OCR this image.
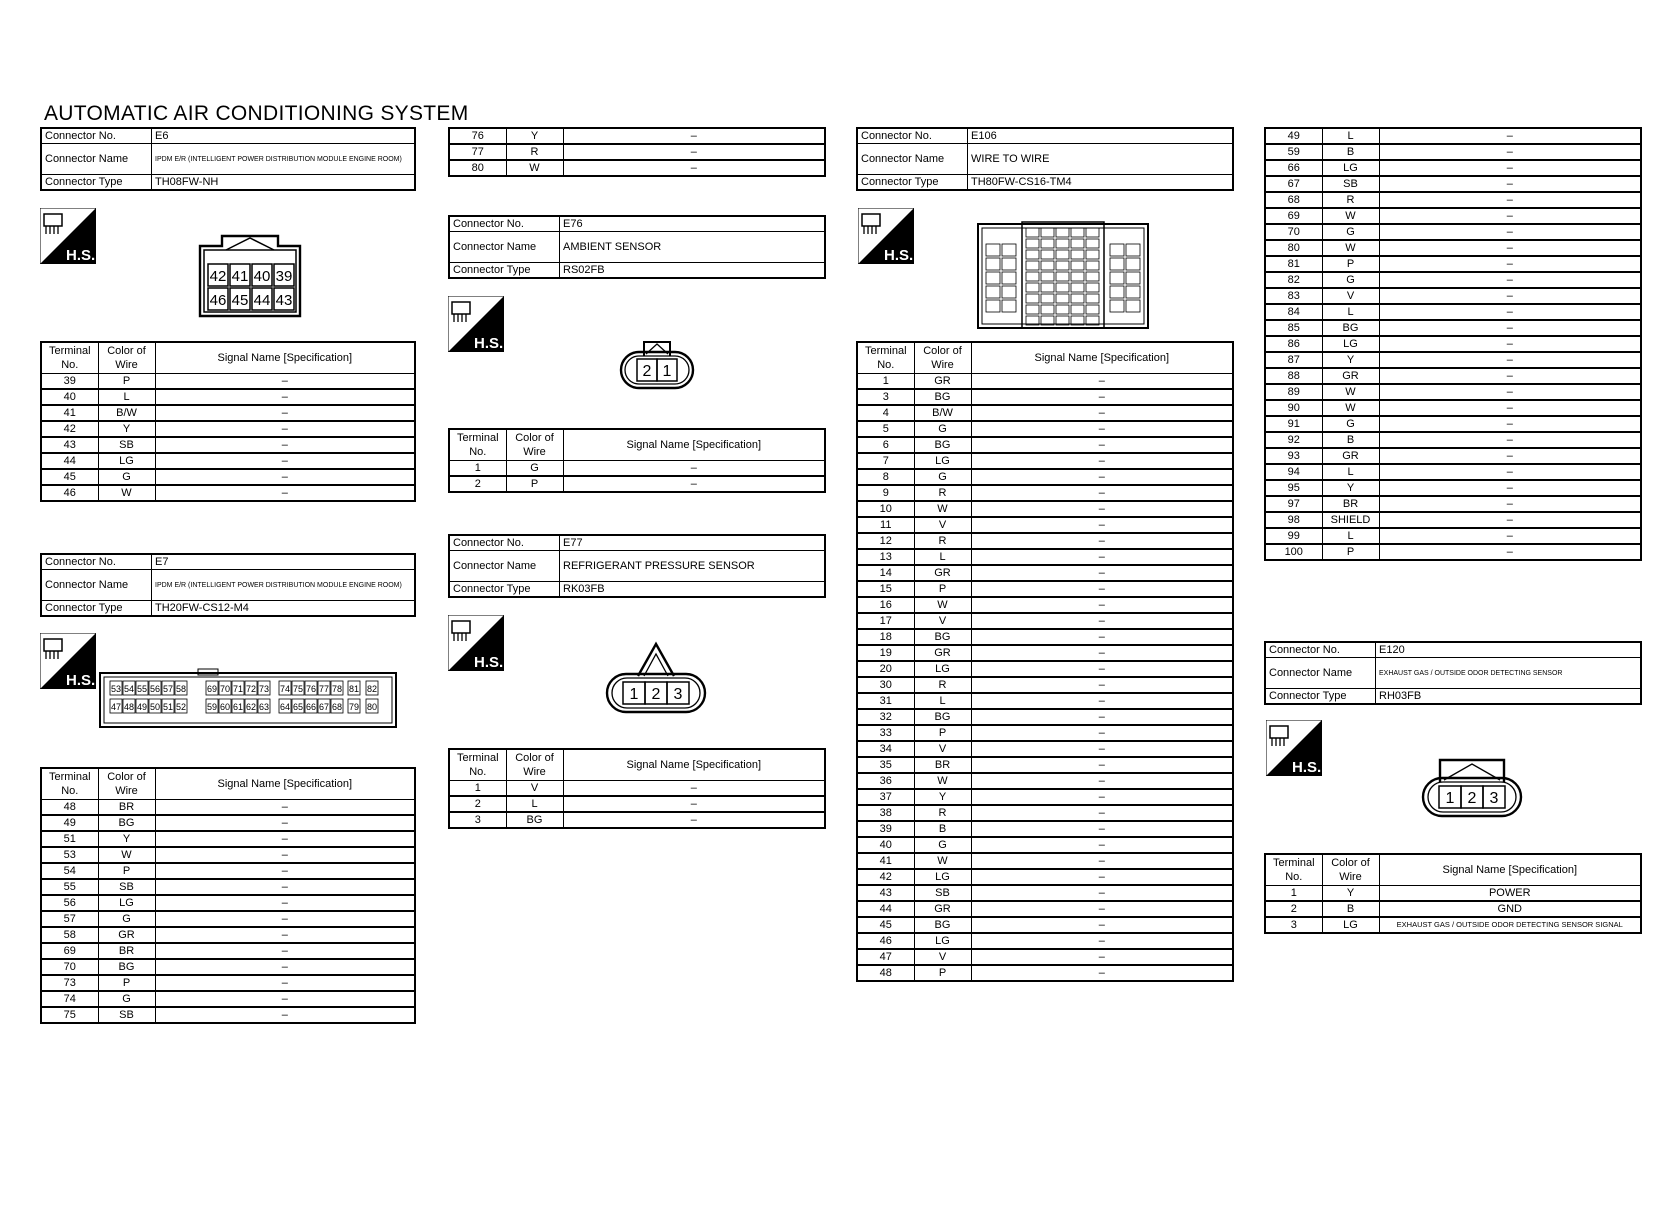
AUTOMATIC AIR CONDITIONING SYSTEM
Connector No.	E6
Connector Name	IPDM E/R (INTELLIGENT POWER DISTRIBUTION MODULE ENGINE ROOM)
Connector Type	TH08FW-NH
H.S.
42 41 40 39
46 45 44 43
Terminal No.	Color of Wire	Signal Name [Specification]
39	P	–
40	L	–
41	B/W	–
42	Y	–
43	SB	–
44	LG	–
45	G	–
46	W	–
Connector No.	E7
Connector Name	IPDM E/R (INTELLIGENT POWER DISTRIBUTION MODULE ENGINE ROOM)
Connector Type	TH20FW-CS12-M4
H.S. 53
47
54
48
55
49
56
50
57
51
58
52
69
59
70
60
71
61
72
62
73
63
74
64
75
65
76
66
77
67
78
68
81
79
82
80
Terminal No.	Color of Wire	Signal Name [Specification]
48	BR	–
49	BG	–
51	Y	–
53	W	–
54	P	–
55	SB	–
56	LG	–
57	G	–
58	GR	–
69	BR	–
70	BG	–
73	P	–
74	G	–
75	SB	–
76	Y	–
77	R	–
80	W	–
Connector No.	E76
Connector Name	AMBIENT SENSOR
Connector Type	RS02FB
H.S.
2 1
Terminal No.	Color of Wire	Signal Name [Specification]
1	G	–
2	P	–
Connector No.	E77
Connector Name	REFRIGERANT PRESSURE SENSOR
Connector Type	RK03FB
H.S.
1 2 3
Terminal No.	Color of Wire	Signal Name [Specification]
1	V	–
2	L	–
3	BG	–
Connector No.	E106
Connector Name	WIRE TO WIRE
Connector Type	TH80FW-CS16-TM4
H.S.
Terminal No.	Color of Wire	Signal Name [Specification]
1	GR	–
3	BG	–
4	B/W	–
5	G	–
6	BG	–
7	LG	–
8	G	–
9	R	–
10	W	–
11	V	–
12	R	–
13	L	–
14	GR	–
15	P	–
16	W	–
17	V	–
18	BG	–
19	GR	–
20	LG	–
30	R	–
31	L	–
32	BG	–
33	P	–
34	V	–
35	BR	–
36	W	–
37	Y	–
38	R	–
39	B	–
40	G	–
41	W	–
42	LG	–
43	SB	–
44	GR	–
45	BG	–
46	LG	–
47	V	–
48	P	–
49	L	–
59	B	–
66	LG	–
67	SB	–
68	R	–
69	W	–
70	G	–
80	W	–
81	P	–
82	G	–
83	V	–
84	L	–
85	BG	–
86	LG	–
87	Y	–
88	GR	–
89	W	–
90	W	–
91	G	–
92	B	–
93	GR	–
94	L	–
95	Y	–
97	BR	–
98	SHIELD	–
99	L	–
100	P	–
Connector No.	E120
Connector Name	EXHAUST GAS / OUTSIDE ODOR DETECTING SENSOR
Connector Type	RH03FB
H.S.
1 2 3
Terminal No.	Color of Wire	Signal Name [Specification]
1	Y	POWER
2	B	GND
3	LG	EXHAUST GAS / OUTSIDE ODOR DETECTING SENSOR SIGNAL
